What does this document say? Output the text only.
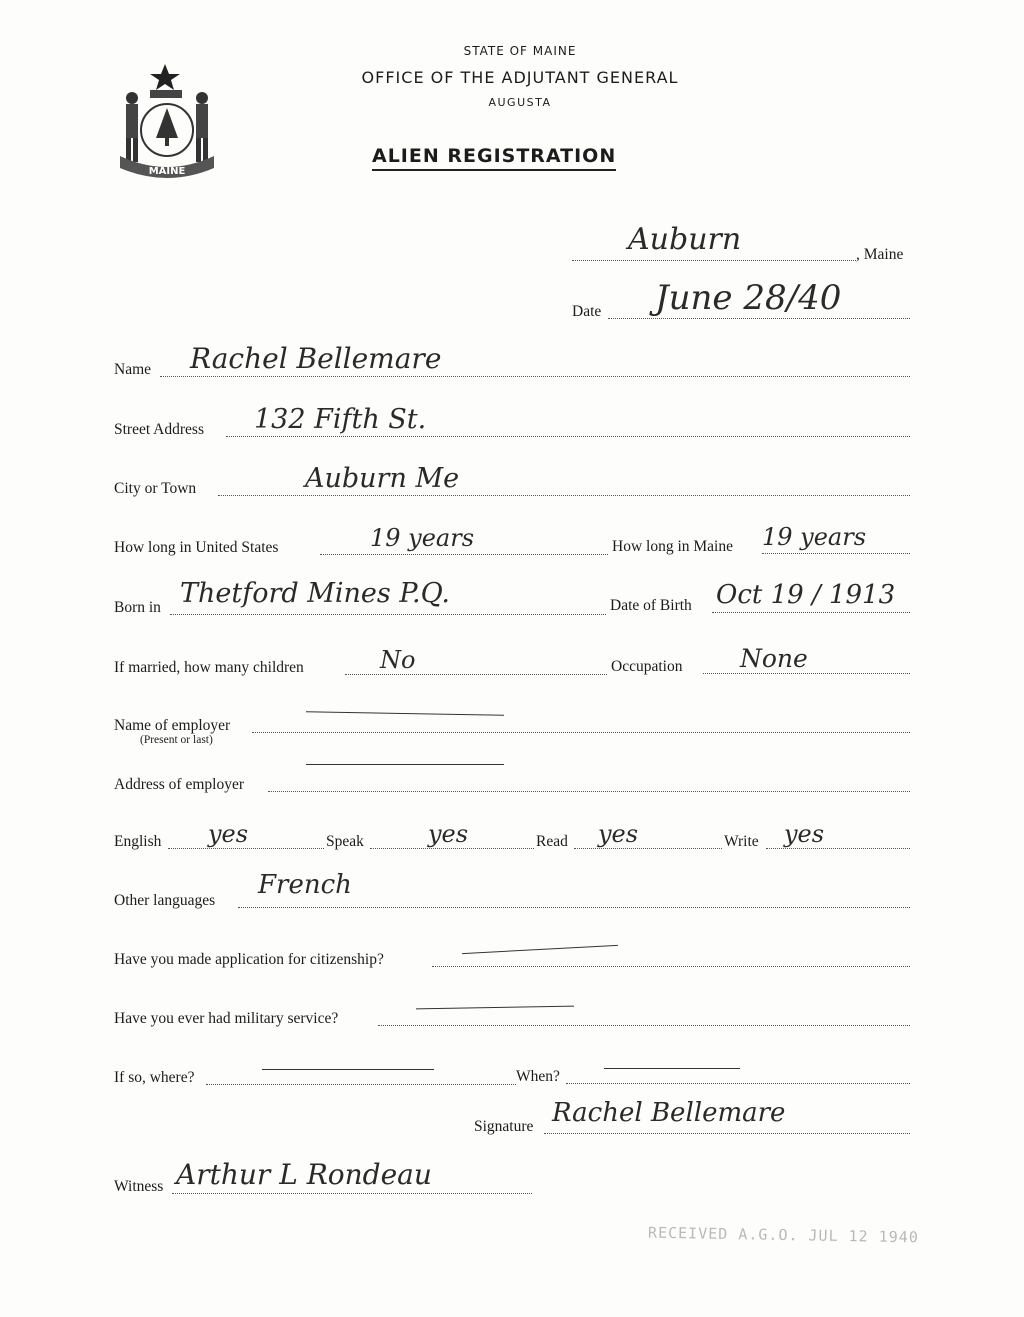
MAINE
STATE OF MAINE
OFFICE OF THE ADJUTANT GENERAL
AUGUSTA
ALIEN REGISTRATION
Auburn	, Maine
Date June 28/40
Name Rachel Bellemare
Street Address 132 Fifth St.
City or Town	Auburn Me
How long in United States	19 years	How long in Maine 19 years
Born in Thetford Mines P.Q.	Date of Birth Oct 19 / 1913
If married, how many children	No	Occupation None
Name of employer
(Present or last)
Address of employer
English yes	Speak	yes	Read yes	Write yes
Other languages
French
Have you made application for citizenship?
Have you ever had military service?
If so, where?	When?
Signature Rachel Bellemare
Witness Arthur L Rondeau
RECEIVED A.G.O. JUL 12 1940
